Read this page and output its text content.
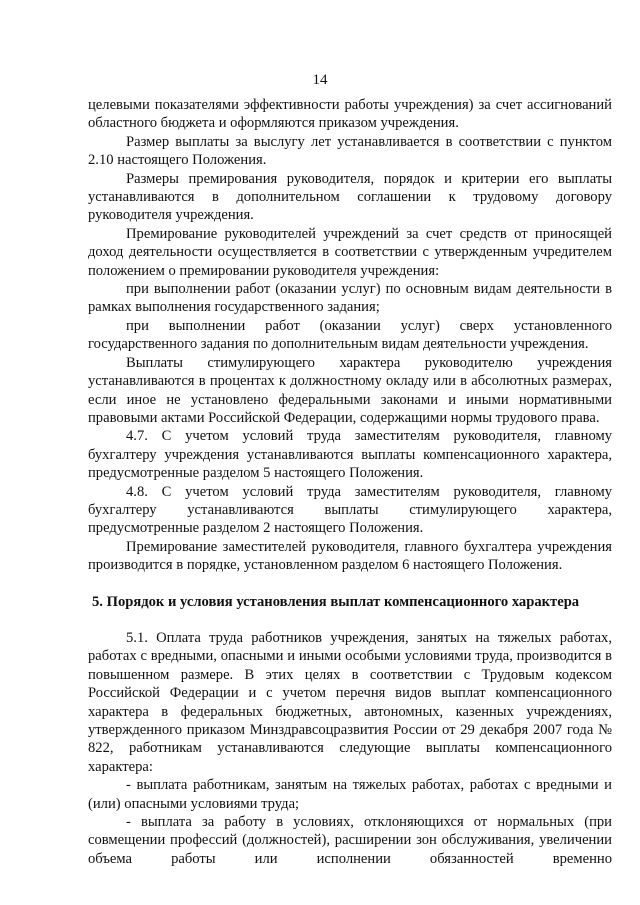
14

целевыми показателями эффективности работы учреждения) за счет ассигнований областного бюджета и оформляются приказом учреждения.

Размер выплаты за выслугу лет устанавливается в соответствии с пунктом 2.10 настоящего Положения.

Размеры премирования руководителя, порядок и критерии его выплаты устанавливаются в дополнительном соглашении к трудовому договору руководителя учреждения.

Премирование руководителей учреждений за счет средств от приносящей доход деятельности осуществляется в соответствии с утвержденным учредителем положением о премировании руководителя учреждения:

при выполнении работ (оказании услуг) по основным видам деятельности в рамках выполнения государственного задания;

при выполнении работ (оказании услуг) сверх установленного государственного задания по дополнительным видам деятельности учреждения.

Выплаты стимулирующего характера руководителю учреждения устанавливаются в процентах к должностному окладу или в абсолютных размерах, если иное не установлено федеральными законами и иными нормативными правовыми актами Российской Федерации, содержащими нормы трудового права.

4.7. С учетом условий труда заместителям руководителя, главному бухгалтеру учреждения устанавливаются выплаты компенсационного характера, предусмотренные разделом 5 настоящего Положения.

4.8. С учетом условий труда заместителям руководителя, главному бухгалтеру устанавливаются выплаты стимулирующего характера, предусмотренные разделом 2 настоящего Положения.

Премирование заместителей руководителя, главного бухгалтера учреждения производится в порядке, установленном разделом 6 настоящего Положения.

5. Порядок и условия установления выплат компенсационного характера

5.1. Оплата труда работников учреждения, занятых на тяжелых работах, работах с вредными, опасными и иными особыми условиями труда, производится в повышенном размере. В этих целях в соответствии с Трудовым кодексом Российской Федерации и с учетом перечня видов выплат компенсационного характера в федеральных бюджетных, автономных, казенных учреждениях, утвержденного приказом Минздравсоцразвития России от 29 декабря 2007 года № 822, работникам устанавливаются следующие выплаты компенсационного характера:

- выплата работникам, занятым на тяжелых работах, работах с вредными и (или) опасными условиями труда;

- выплата за работу в условиях, отклоняющихся от нормальных (при совмещении профессий (должностей), расширении зон обслуживания, увеличении объема работы или исполнении обязанностей временно
